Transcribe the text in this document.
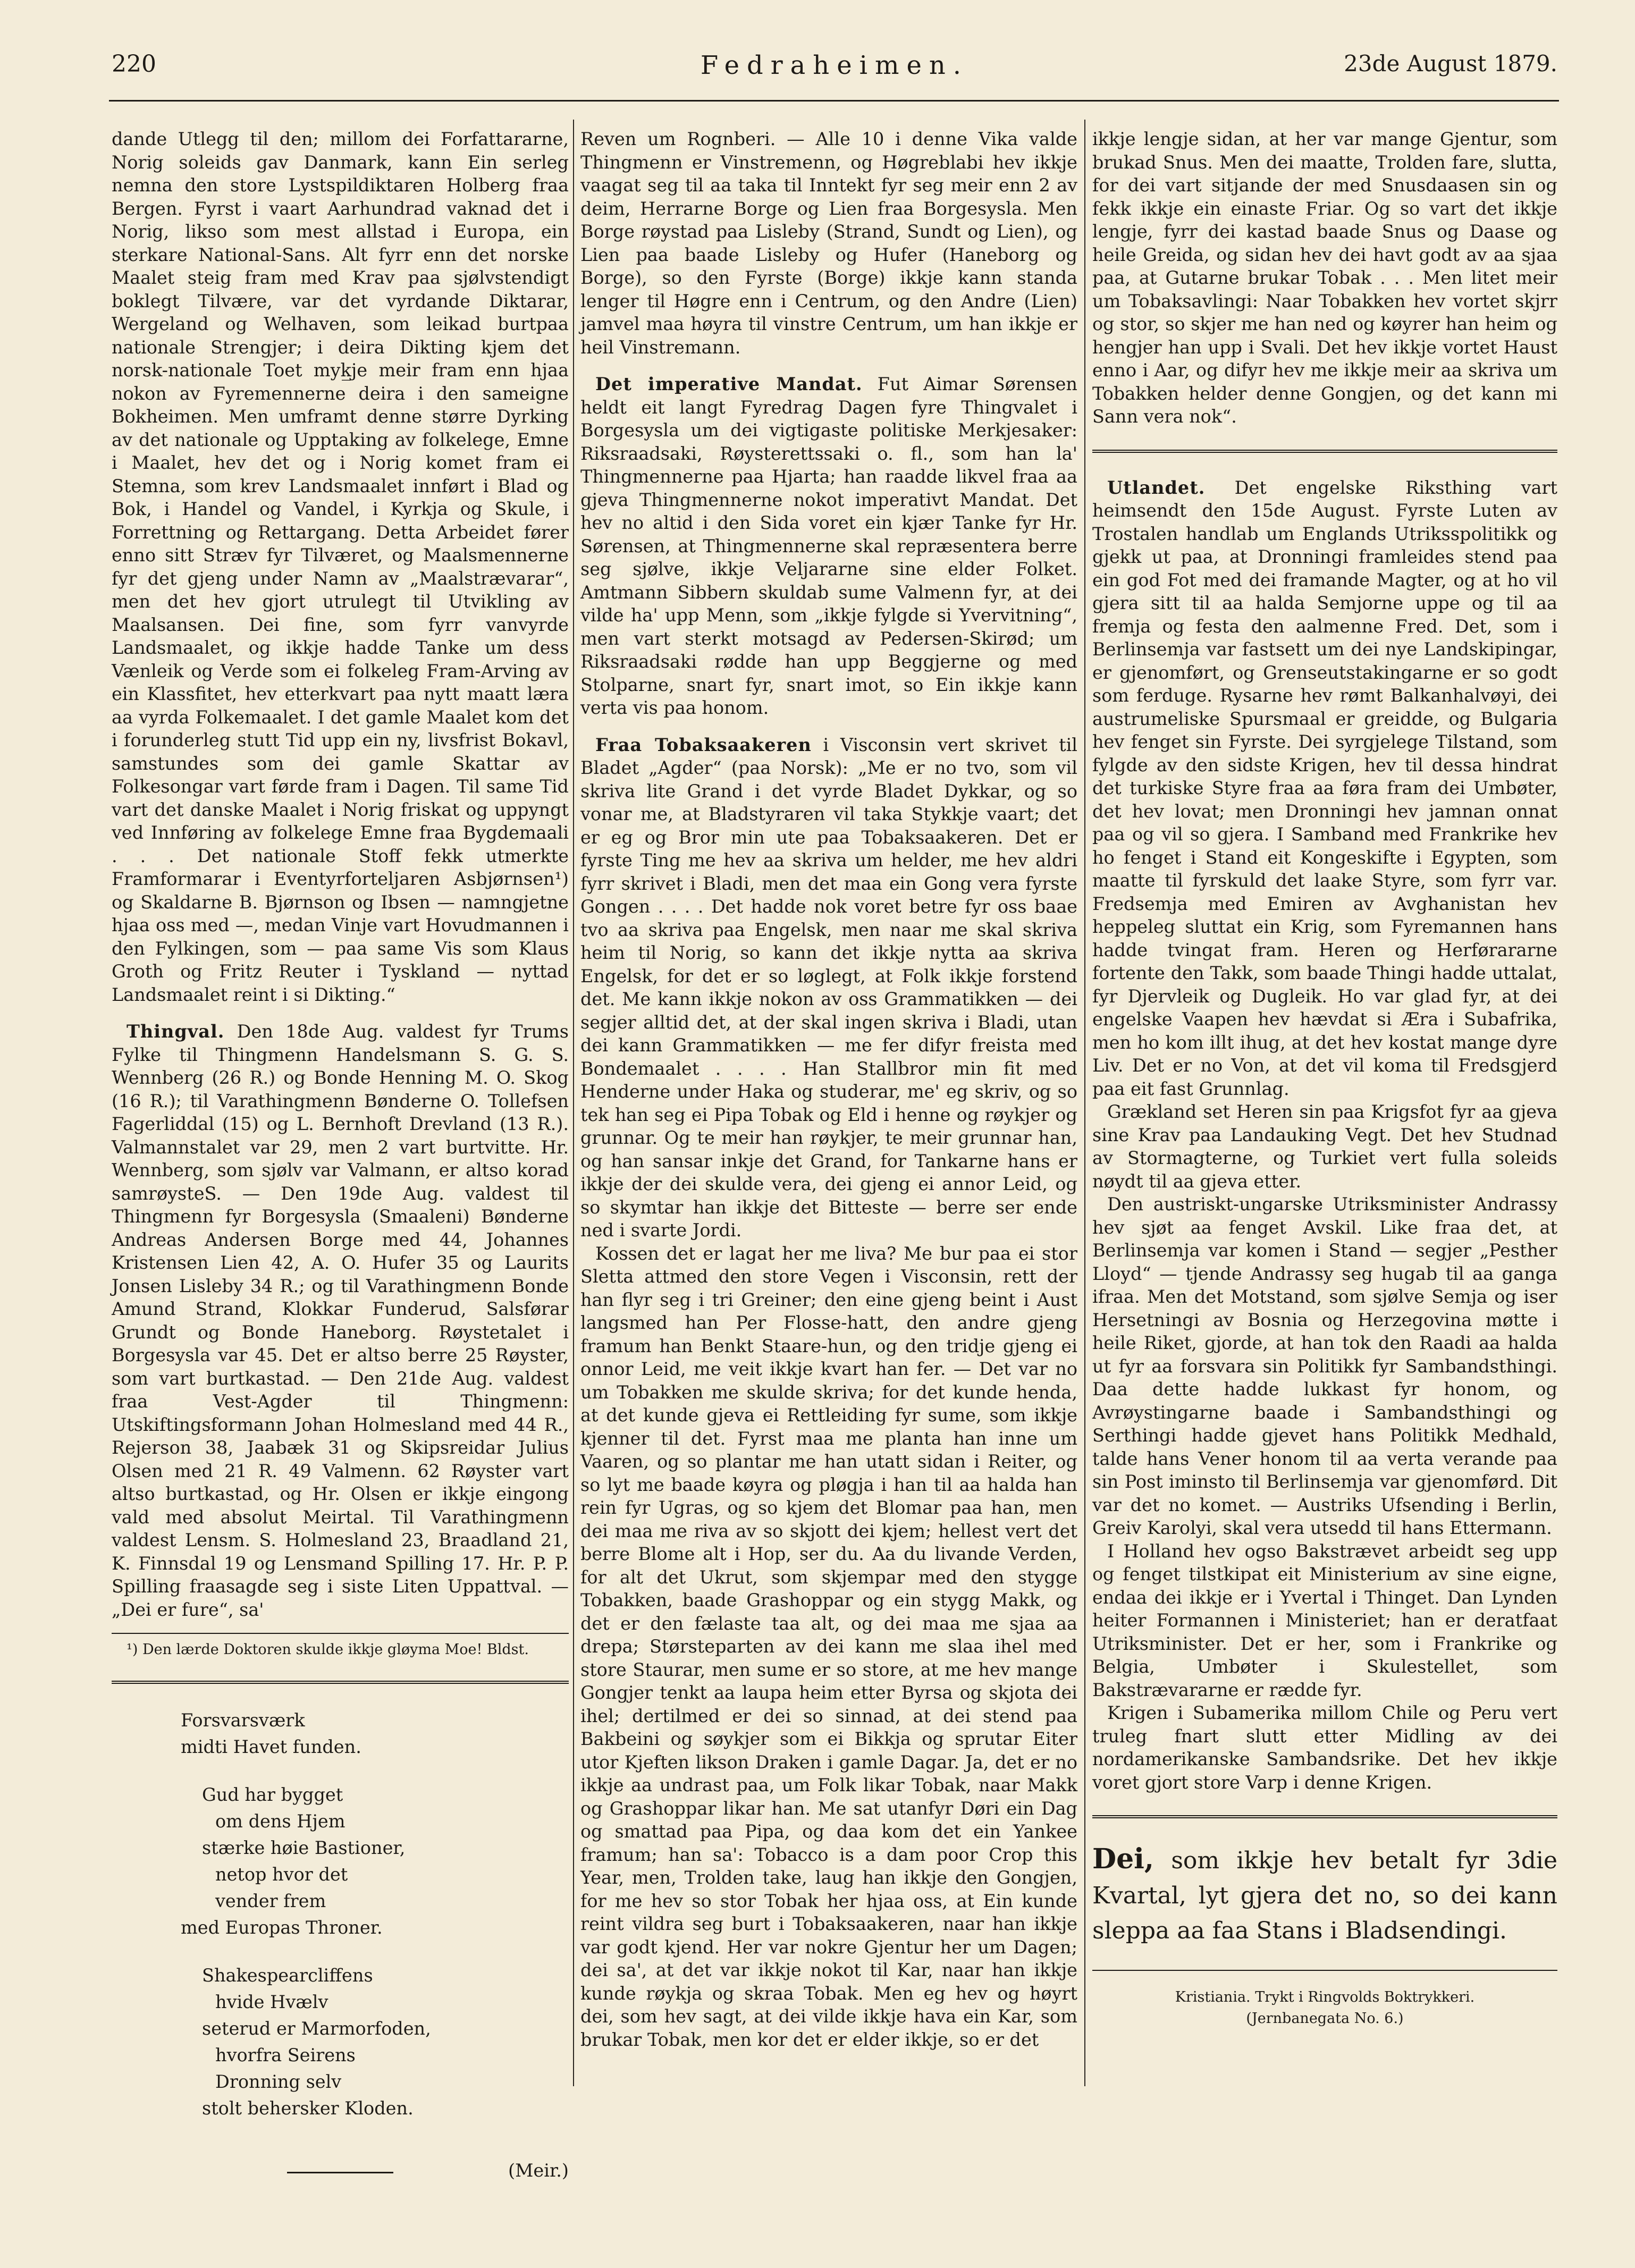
220	Fedraheimen.	23de August 1879.

dande Utlegg til den; millom dei Forfattararne, Norig soleids gav Danmark, kann Ein serleg nemna den store Lystspildiktaren Holberg fraa Bergen. Fyrst i vaart Aarhundrad vaknad det i Norig, likso som mest allstad i Europa, ein sterkare National-Sans. Alt fyrr enn det norske Maalet steig fram med Krav paa sjølvstendigt boklegt Tilvære, var det vyrdande Diktarar, Wergeland og Welhaven, som leikad burtpaa nationale Strengjer; i deira Dikting kjem det norsk-nationale Toet myk̲je meir fram enn hjaa nokon av Fyremennerne deira i den sameigne Bokheimen. Men umframt denne større Dyrking av det nationale og Upptaking av folkelege, Emne i Maalet, hev det og i Norig komet fram ei Stemna, som krev Landsmaalet innført i Blad og Bok, i Handel og Vandel, i Kyrkja og Skule, i Forrettning og Rettargang. Detta Arbeidet fører enno sitt Stræv fyr Tilværet, og Maalsmennerne fyr det gjeng under Namn av „Maalstrævarar“, men det hev gjort utrulegt til Utvikling av Maalsansen. Dei fine, som fyrr vanvyrde Landsmaalet, og ikkje hadde Tanke um dess Vænleik og Verde som ei folkeleg Fram-Arving av ein Klassfitet, hev etterkvart paa nytt maatt læra aa vyrda Folkemaalet. I det gamle Maalet kom det i forunderleg stutt Tid upp ein ny, livsfrist Bokavl, samstundes som dei gamle Skattar av Folkesongar vart førde fram i Dagen. Til same Tid vart det danske Maalet i Norig friskat og uppyngt ved Innføring av folkelege Emne fraa Bygdemaali . . . Det nationale Stoff fekk utmerkte Framformarar i Eventyrforteljaren Asbjørnsen¹) og Skaldarne B. Bjørnson og Ibsen — namngjetne hjaa oss med —, medan Vinje vart Hovudmannen i den Fylkingen, som — paa same Vis som Klaus Groth og Fritz Reuter i Tyskland — nyttad Landsmaalet reint i si Dikting.“

Thingval. Den 18de Aug. valdest fyr Trums Fylke til Thingmenn Handelsmann S. G. S. Wennberg (26 R.) og Bonde Henning M. O. Skog (16 R.); til Varathingmenn Bønderne O. Tollefsen Fagerliddal (15) og L. Bernhoft Drevland (13 R.). Valmannstalet var 29, men 2 vart burtvitte. Hr. Wennberg, som sjølv var Valmann, er altso korad samrøysteS. — Den 19de Aug. valdest til Thingmenn fyr Borgesysla (Smaaleni) Bønderne Andreas Andersen Borge med 44, Johannes Kristensen Lien 42, A. O. Hufer 35 og Laurits Jonsen Lisleby 34 R.; og til Varathingmenn Bonde Amund Strand, Klokkar Funderud, Salsførar Grundt og Bonde Haneborg. Røystetalet i Borgesysla var 45. Det er altso berre 25 Røyster, som vart burtkastad. — Den 21de Aug. valdest fraa Vest-Agder til Thingmenn: Utskiftingsformann Johan Holmesland med 44 R., Rejerson 38, Jaabæk 31 og Skipsreidar Julius Olsen med 21 R. 49 Valmenn. 62 Røyster vart altso burtkastad, og Hr. Olsen er ikkje eingong vald med absolut Meirtal. Til Varathingmenn valdest Lensm. S. Holmesland 23, Braadland 21, K. Finnsdal 19 og Lensmand Spilling 17. Hr. P. P. Spilling fraasagde seg i siste Liten Uppattval. — „Dei er fure“, sa'

¹) Den lærde Doktoren skulde ikkje gløyma Moe! Bldst.

Forsvarsværk
midti Havet funden.
Gud har bygget
om dens Hjem
stærke høie Bastioner,
netop hvor det
vender frem
med Europas Throner.
Shakespearcliffens
hvide Hvælv
seterud er Marmorfoden,
hvorfra Seirens
Dronning selv
stolt behersker Kloden.
(Meir.)

Reven um Rognberi. — Alle 10 i denne Vika valde Thingmenn er Vinstremenn, og Høgreblabi hev ikkje vaagat seg til aa taka til Inntekt fyr seg meir enn 2 av deim, Herrarne Borge og Lien fraa Borgesysla. Men Borge røystad paa Lisleby (Strand, Sundt og Lien), og Lien paa baade Lisleby og Hufer (Haneborg og Borge), so den Fyrste (Borge) ikkje kann standa lenger til Høgre enn i Centrum, og den Andre (Lien) jamvel maa høyra til vinstre Centrum, um han ikkje er heil Vinstremann.

Det imperative Mandat. Fut Aimar Sørensen heldt eit langt Fyredrag Dagen fyre Thingvalet i Borgesysla um dei vigtigaste politiske Merkjesaker: Riksraadsaki, Røysterettssaki o. fl., som han la' Thingmennerne paa Hjarta; han raadde likvel fraa aa gjeva Thingmennerne nokot imperativt Mandat. Det hev no altid i den Sida voret ein kjær Tanke fyr Hr. Sørensen, at Thingmennerne skal repræsentera berre seg sjølve, ikkje Veljararne sine elder Folket. Amtmann Sibbern skuldab sume Valmenn fyr, at dei vilde ha' upp Menn, som „ikkje fylgde si Yvervitning“, men vart sterkt motsagd av Pedersen-Skirød; um Riksraadsaki rødde han upp Beggjerne og med Stolparne, snart fyr, snart imot, so Ein ikkje kann verta vis paa honom.

Fraa Tobaksaakeren i Visconsin vert skrivet til Bladet „Agder“ (paa Norsk): „Me er no tvo, som vil skriva lite Grand i det vyrde Bladet Dykkar, og so vonar me, at Bladstyraren vil taka Stykkje vaart; det er eg og Bror min ute paa Tobaksaakeren. Det er fyrste Ting me hev aa skriva um helder, me hev aldri fyrr skrivet i Bladi, men det maa ein Gong vera fyrste Gongen . . . . Det hadde nok voret betre fyr oss baae tvo aa skriva paa Engelsk, men naar me skal skriva heim til Norig, so kann det ikkje nytta aa skriva Engelsk, for det er so løglegt, at Folk ikkje forstend det. Me kann ikkje nokon av oss Grammatikken — dei segjer alltid det, at der skal ingen skriva i Bladi, utan dei kann Grammatikken — me fer difyr freista med Bondemaalet . . . . Han Stallbror min fit med Henderne under Haka og studerar, me' eg skriv, og so tek han seg ei Pipa Tobak og Eld i henne og røykjer og grunnar. Og te meir han røykjer, te meir grunnar han, og han sansar inkje det Grand, for Tankarne hans er ikkje der dei skulde vera, dei gjeng ei annor Leid, og so skymtar han ikkje det Bitteste — berre ser ende ned i svarte Jordi.

Kossen det er lagat her me liva? Me bur paa ei stor Sletta attmed den store Vegen i Visconsin, rett der han flyr seg i tri Greiner; den eine gjeng beint i Aust langsmed han Per Flosse-hatt, den andre gjeng framum han Benkt Staare-hun, og den tridje gjeng ei onnor Leid, me veit ikkje kvart han fer. — Det var no um Tobakken me skulde skriva; for det kunde henda, at det kunde gjeva ei Rettleiding fyr sume, som ikkje kjenner til det. Fyrst maa me planta han inne um Vaaren, og so plantar me han utatt sidan i Reiter, og so lyt me baade køyra og pløgja i han til aa halda han rein fyr Ugras, og so kjem det Blomar paa han, men dei maa me riva av so skjott dei kjem; hellest vert det berre Blome alt i Hop, ser du. Aa du livande Verden, for alt det Ukrut, som skjempar med den stygge Tobakken, baade Grashoppar og ein stygg Makk, og det er den fælaste taa alt, og dei maa me sjaa aa drepa; Størsteparten av dei kann me slaa ihel med store Staurar, men sume er so store, at me hev mange Gongjer tenkt aa laupa heim etter Byrsa og skjota dei ihel; dertilmed er dei so sinnad, at dei stend paa Bakbeini og søykjer som ei Bikkja og sprutar Eiter utor Kjeften likson Draken i gamle Dagar. Ja, det er no ikkje aa undrast paa, um Folk likar Tobak, naar Makk og Grashoppar likar han. Me sat utanfyr Døri ein Dag og smattad paa Pipa, og daa kom det ein Yankee framum; han sa': Tobacco is a dam poor Crop this Year, men, Trolden take, laug han ikkje den Gongjen, for me hev so stor Tobak her hjaa oss, at Ein kunde reint vildra seg burt i Tobaksaakeren, naar han ikkje var godt kjend. Her var nokre Gjentur her um Dagen; dei sa', at det var ikkje nokot til Kar, naar han ikkje kunde røykja og skraa Tobak. Men eg hev og høyrt dei, som hev sagt, at dei vilde ikkje hava ein Kar, som brukar Tobak, men kor det er elder ikkje, so er det

ikkje lengje sidan, at her var mange Gjentur, som brukad Snus. Men dei maatte, Trolden fare, slutta, for dei vart sitjande der med Snusdaasen sin og fekk ikkje ein einaste Friar. Og so vart det ikkje lengje, fyrr dei kastad baade Snus og Daase og heile Greida, og sidan hev dei havt godt av aa sjaa paa, at Gutarne brukar Tobak . . . Men litet meir um Tobaksavlingi: Naar Tobakken hev vortet skjrr og stor, so skjer me han ned og køyrer han heim og hengjer han upp i Svali. Det hev ikkje vortet Haust enno i Aar, og difyr hev me ikkje meir aa skriva um Tobakken helder denne Gongjen, og det kann mi Sann vera nok“.

Utlandet. Det engelske Riksthing vart heimsendt den 15de August. Fyrste Luten av Trostalen handlab um Englands Utriksspolitikk og gjekk ut paa, at Dronningi framleides stend paa ein god Fot med dei framande Magter, og at ho vil gjera sitt til aa halda Semjorne uppe og til aa fremja og festa den aalmenne Fred. Det, som i Berlinsemja var fastsett um dei nye Landskipingar, er gjenomført, og Grenseutstakingarne er so godt som ferduge. Rysarne hev rømt Balkanhalvøyi, dei austrumeliske Spursmaal er greidde, og Bulgaria hev fenget sin Fyrste. Dei syrgjelege Tilstand, som fylgde av den sidste Krigen, hev til dessa hindrat det turkiske Styre fraa aa føra fram dei Umbøter, det hev lovat; men Dronningi hev jamnan onnat paa og vil so gjera. I Samband med Frankrike hev ho fenget i Stand eit Kongeskifte i Egypten, som maatte til fyrskuld det laake Styre, som fyrr var. Fredsemja med Emiren av Avghanistan hev heppeleg sluttat ein Krig, som Fyremannen hans hadde tvingat fram. Heren og Herførararne fortente den Takk, som baade Thingi hadde uttalat, fyr Djervleik og Dugleik. Ho var glad fyr, at dei engelske Vaapen hev hævdat si Æra i Subafrika, men ho kom illt ihug, at det hev kostat mange dyre Liv. Det er no Von, at det vil koma til Fredsgjerd paa eit fast Grunnlag.

Grækland set Heren sin paa Krigsfot fyr aa gjeva sine Krav paa Landauking Vegt. Det hev Studnad av Stormagterne, og Turkiet vert fulla soleids nøydt til aa gjeva etter.

Den austriskt-ungarske Utriksminister Andrassy hev sjøt aa fenget Avskil. Like fraa det, at Berlinsemja var komen i Stand — segjer „Pesther Lloyd“ — tjende Andrassy seg hugab til aa ganga ifraa. Men det Motstand, som sjølve Semja og iser Hersetningi av Bosnia og Herzegovina møtte i heile Riket, gjorde, at han tok den Raadi aa halda ut fyr aa forsvara sin Politikk fyr Sambandsthingi. Daa dette hadde lukkast fyr honom, og Avrøystingarne baade i Sambandsthingi og Serthingi hadde gjevet hans Politikk Medhald, talde hans Vener honom til aa verta verande paa sin Post iminsto til Berlinsemja var gjenomførd. Dit var det no komet. — Austriks Ufsending i Berlin, Greiv Karolyi, skal vera utsedd til hans Ettermann.

I Holland hev ogso Bakstrævet arbeidt seg upp og fenget tilstkipat eit Ministerium av sine eigne, endaa dei ikkje er i Yvertal i Thinget. Dan Lynden heiter Formannen i Ministeriet; han er deratfaat Utriksminister. Det er her, som i Frankrike og Belgia, Umbøter i Skulestellet, som Bakstrævararne er rædde fyr.

Krigen i Subamerika millom Chile og Peru vert truleg fnart slutt etter Midling av dei nordamerikanske Sambandsrike. Det hev ikkje voret gjort store Varp i denne Krigen.

Dei, som ikkje hev betalt fyr 3die Kvartal, lyt gjera det no, so dei kann sleppa aa faa Stans i Bladsendingi.
Kristiania. Trykt i Ringvolds Boktrykkeri.
(Jernbanegata No. 6.)
